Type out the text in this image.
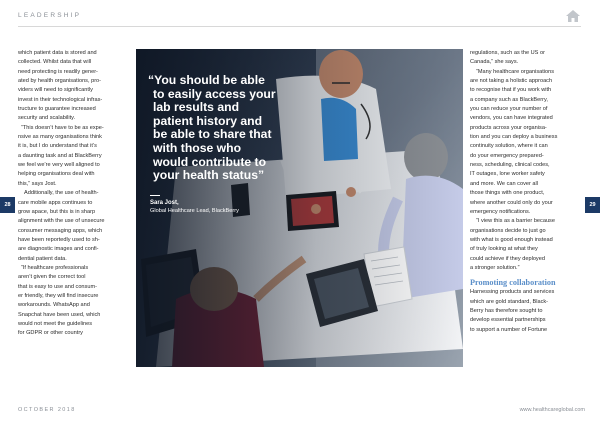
LEADERSHIP

which patient data is stored and

collected. Whilst data that will

need protecting is readily gener-

ated by health organisations, pro-

viders will need to significantly

invest in their technological infras-

tructure to guarantee increased

security and scalability.

“This doesn’t have to be as expe-

nsive as many organisations think

it is, but I do understand that it’s

a daunting task and at BlackBerry

we feel we’re very well aligned to

helping organisations deal with

this,” says Jost.

Additionally, the use of health-

care mobile apps continues to

grow apace, but this is in sharp

alignment with the use of unsecure

consumer messaging apps, which

have been reportedly used to sh-

are diagnostic images and confi-

dential patient data.

“If healthcare professionals

aren’t given the correct tool

that is easy to use and consum-

er friendly, they will find insecure

workarounds. WhatsApp and

Snapchat have been used, which

would not meet the guidelines

for GDPR or other country

28	29
“You should be able
to easily access your
lab results and
patient history and
be able to share that
with those who
would contribute to
your health status”
Sara Jost,
Global Healthcare Lead, BlackBerry

regulations, such as the US or

Canada,” she says.

“Many healthcare organisations

are not taking a holistic approach

to recognise that if you work with

a company such as BlackBerry,

you can reduce your number of

vendors, you can have integrated

products across your organisa-

tion and you can deploy a business

continuity solution, where it can

do your emergency prepared-

ness, scheduling, clinical codes,

IT outages, lone worker safety

and more. We can cover all

those things with one product,

where another could only do your

emergency notifications.

“I view this as a barrier because

organisations decide to just go

with what is good enough instead

of truly looking at what they

could achieve if they deployed

a stronger solution.”

Promoting collaboration

Harnessing products and services

which are gold standard, Black-

Berry has therefore sought to

develop essential partnerships

to support a number of Fortune

OCTOBER 2018	www.healthcareglobal.com
